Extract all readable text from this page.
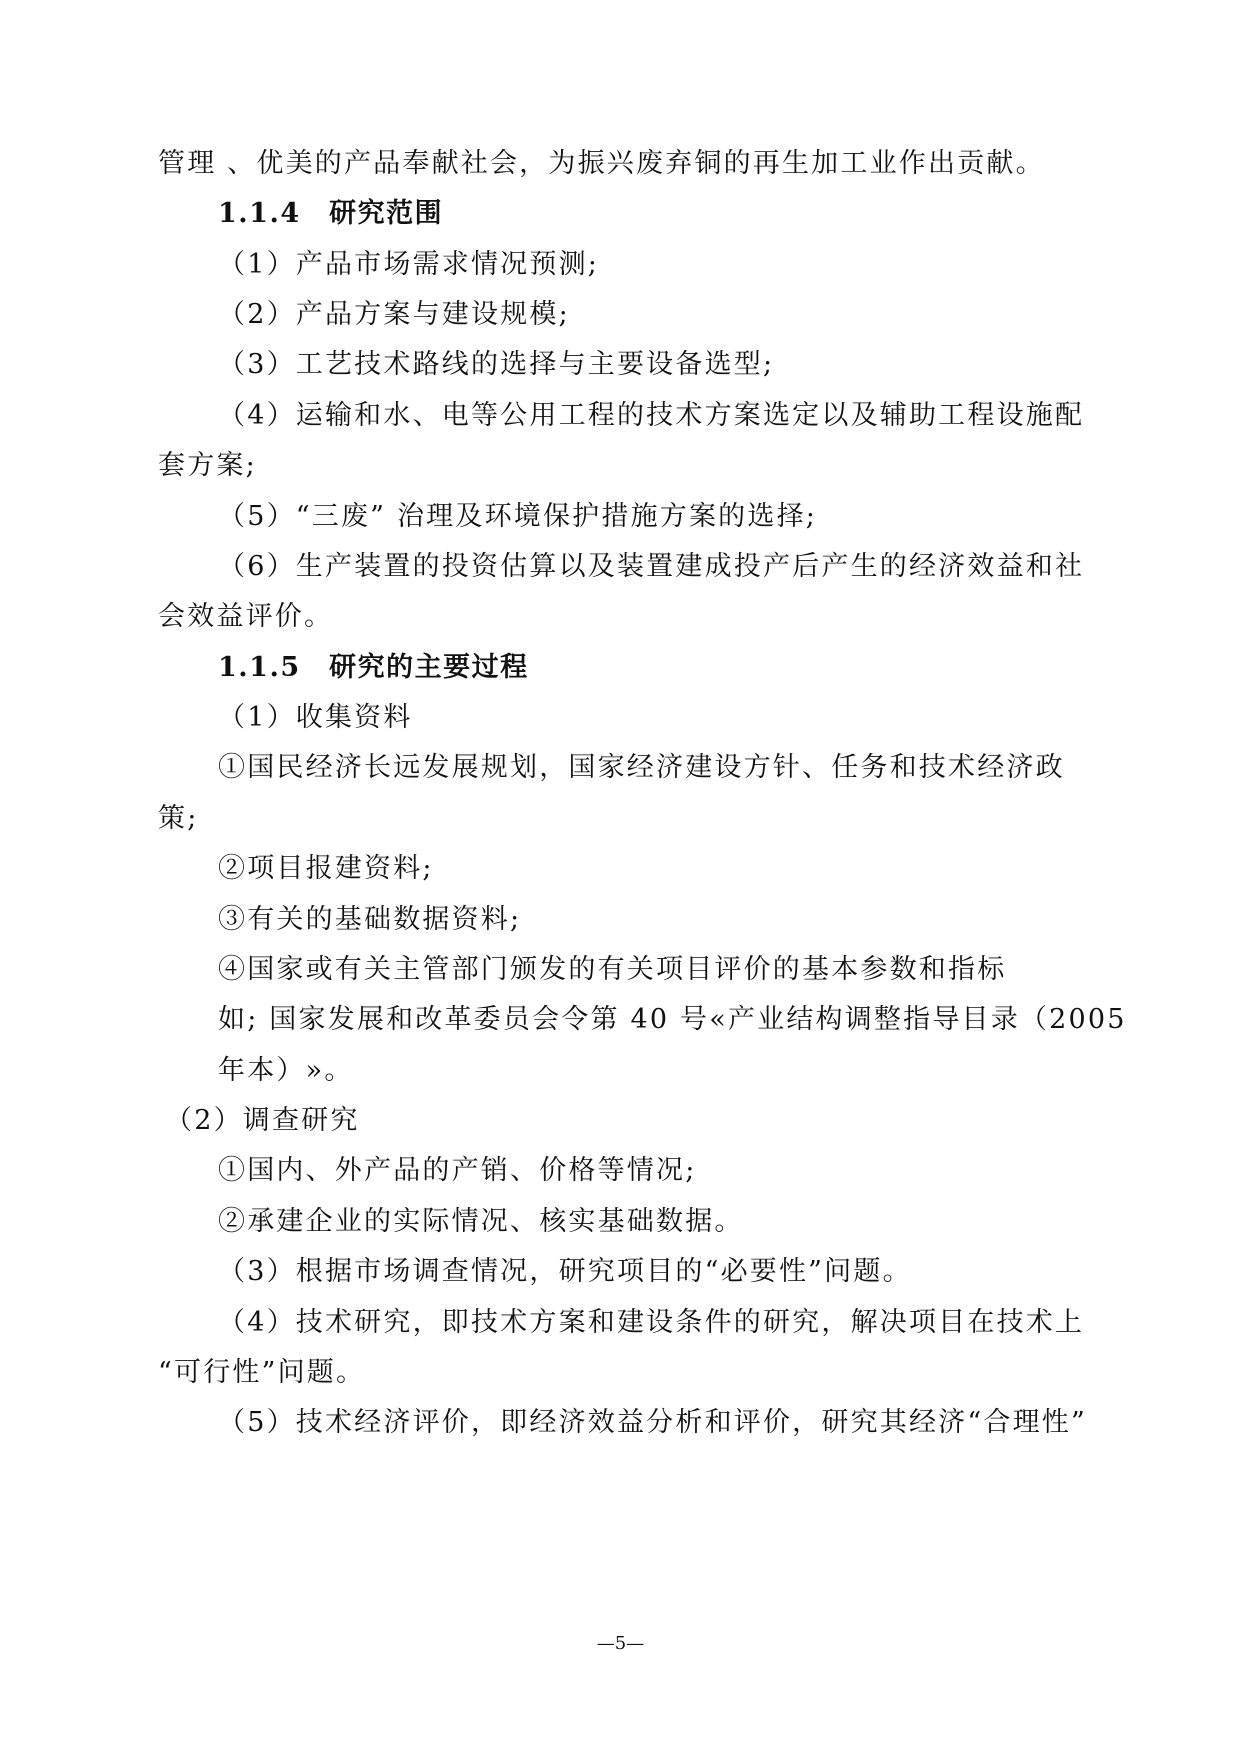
管理 、优美的产品奉献社会，为振兴废弃铜的再生加工业作出贡献。

1.1.4　研究范围

（1）产品市场需求情况预测;

（2）产品方案与建设规模;

（3）工艺技术路线的选择与主要设备选型;

（4）运输和水、电等公用工程的技术方案选定以及辅助工程设施配

套方案;

（5）“三废” 治理及环境保护措施方案的选择;

（6）生产装置的投资估算以及装置建成投产后产生的经济效益和社

会效益评价。

1.1.5　研究的主要过程

（1）收集资料

①国民经济长远发展规划，国家经济建设方针、任务和技术经济政

策;

②项目报建资料;

③有关的基础数据资料;

④国家或有关主管部门颁发的有关项目评价的基本参数和指标

如; 国家发展和改革委员会令第 40 号«产业结构调整指导目录（2005

年本）»。

（2）调查研究

①国内、外产品的产销、价格等情况;

②承建企业的实际情况、核实基础数据。

（3）根据市场调查情况，研究项目的“必要性”问题。

（4）技术研究，即技术方案和建设条件的研究，解决项目在技术上

“可行性”问题。

（5）技术经济评价，即经济效益分析和评价，研究其经济“合理性”

—5—
